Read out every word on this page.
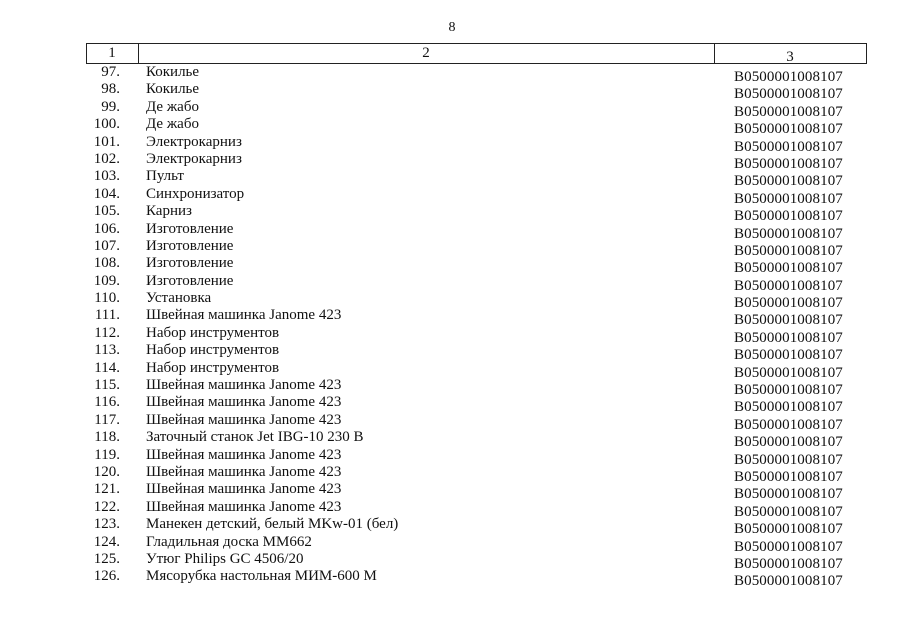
8
1	2	3
97. Кокилье	В0500001008107
98. Кокилье	В0500001008107
99. Де жабо	В0500001008107
100. Де жабо	В0500001008107
101. Электрокарниз	В0500001008107
102. Электрокарниз	В0500001008107
103. Пульт	В0500001008107
104. Синхронизатор	В0500001008107
105. Карниз	В0500001008107
106. Изготовление	В0500001008107
107. Изготовление	В0500001008107
108. Изготовление	В0500001008107
109. Изготовление	В0500001008107
110. Установка	В0500001008107
111. Швейная машинка Janome 423	В0500001008107
112. Набор инструментов	В0500001008107
113. Набор инструментов	В0500001008107
114. Набор инструментов	В0500001008107
115. Швейная машинка Janome 423	В0500001008107
116. Швейная машинка Janome 423	В0500001008107
117. Швейная машинка Janome 423	В0500001008107
118. Заточный станок Jet IBG-10 230 В	В0500001008107
119. Швейная машинка Janome 423	В0500001008107
120. Швейная машинка Janome 423	В0500001008107
121. Швейная машинка Janome 423	В0500001008107
122. Швейная машинка Janome 423	В0500001008107
123. Манекен детский, белый MKw-01 (бел)	В0500001008107
124. Гладильная доска ММ662	В0500001008107
125. Утюг Philips GC 4506/20	В0500001008107
126. Мясорубка настольная МИМ-600 М	В0500001008107
